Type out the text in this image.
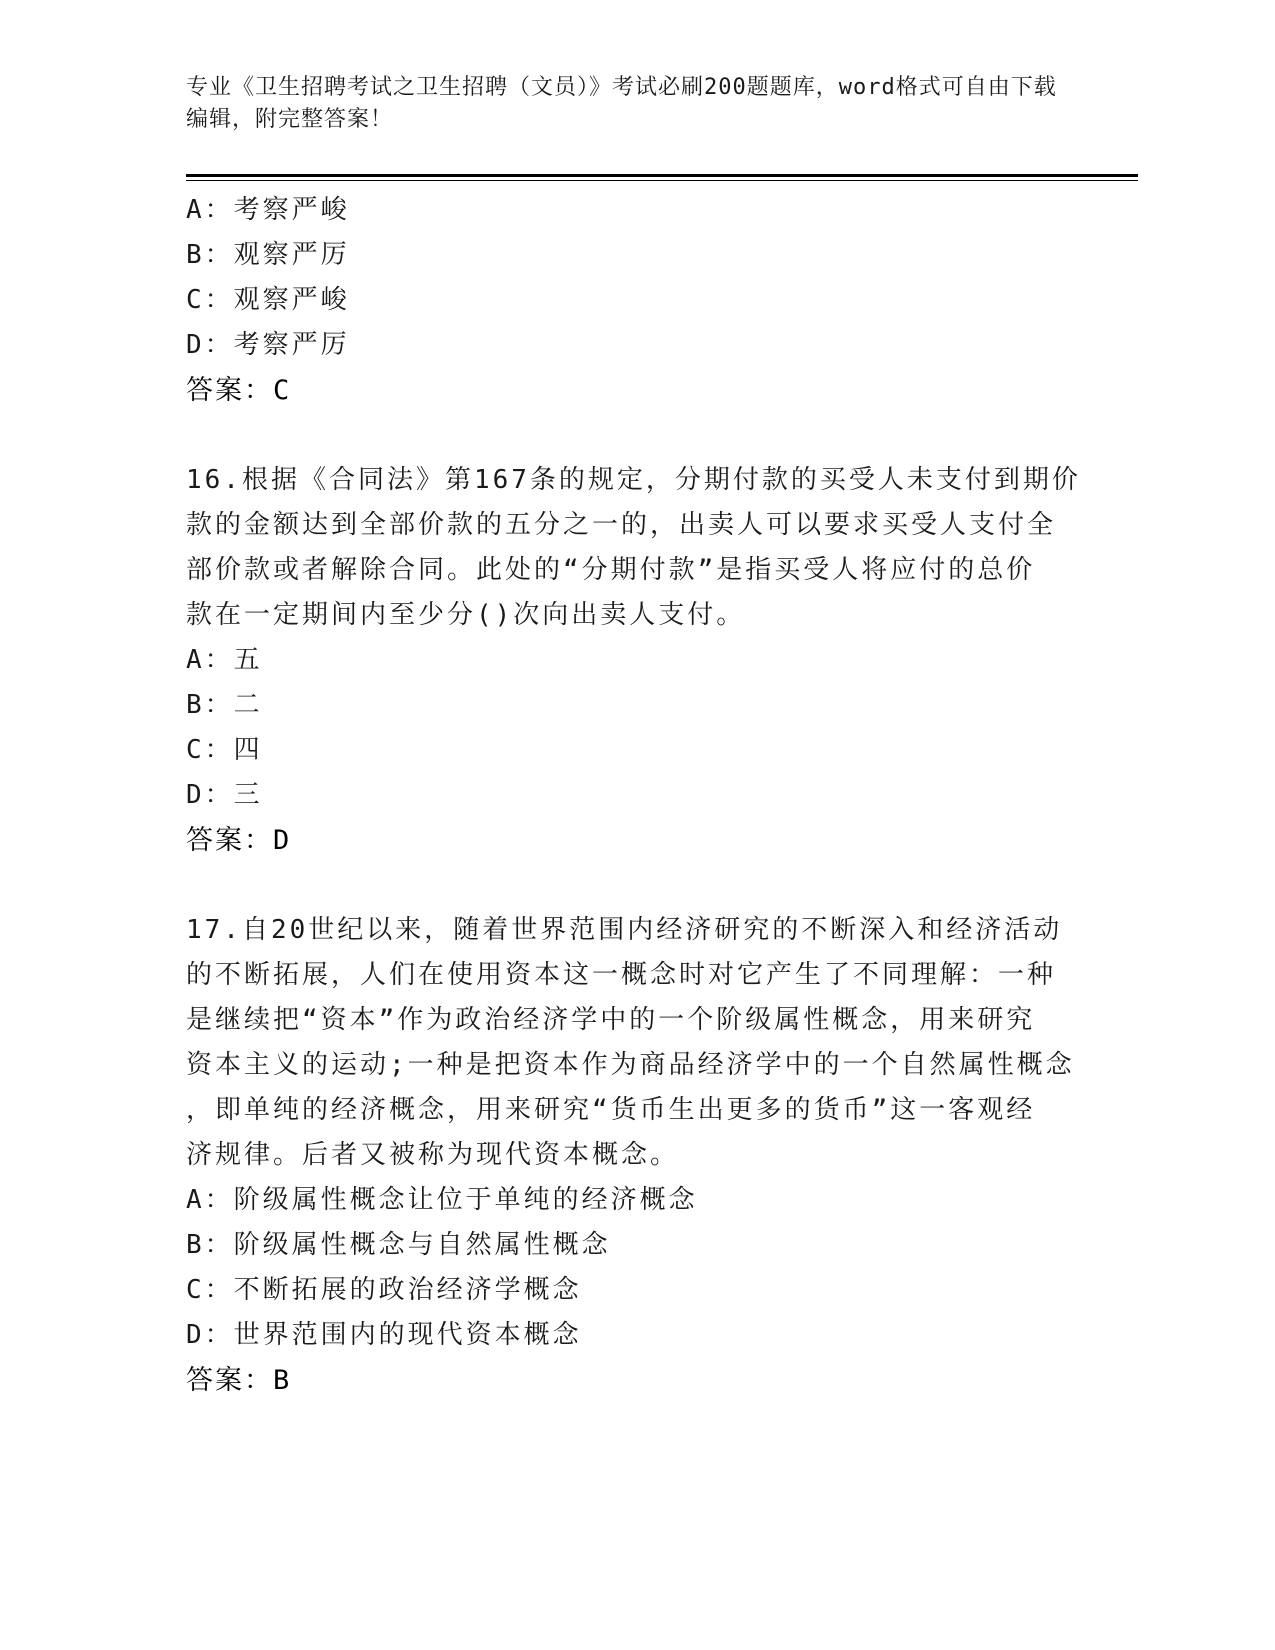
专业《卫生招聘考试之卫生招聘（文员）》考试必刷200题题库，word格式可自由下载编辑，附完整答案！
A：考察严峻
B：观察严厉
C：观察严峻
D：考察严厉
答案：C
16.根据《合同法》第167条的规定，分期付款的买受人未支付到期价
款的金额达到全部价款的五分之一的，出卖人可以要求买受人支付全
部价款或者解除合同。此处的“分期付款”是指买受人将应付的总价
款在一定期间内至少分()次向出卖人支付。
A：五
B：二
C：四
D：三
答案：D
17.自20世纪以来，随着世界范围内经济研究的不断深入和经济活动
的不断拓展，人们在使用资本这一概念时对它产生了不同理解：一种
是继续把“资本”作为政治经济学中的一个阶级属性概念，用来研究
资本主义的运动;一种是把资本作为商品经济学中的一个自然属性概念
，即单纯的经济概念，用来研究“货币生出更多的货币”这一客观经
济规律。后者又被称为现代资本概念。
A：阶级属性概念让位于单纯的经济概念
B：阶级属性概念与自然属性概念
C：不断拓展的政治经济学概念
D：世界范围内的现代资本概念
答案：B
